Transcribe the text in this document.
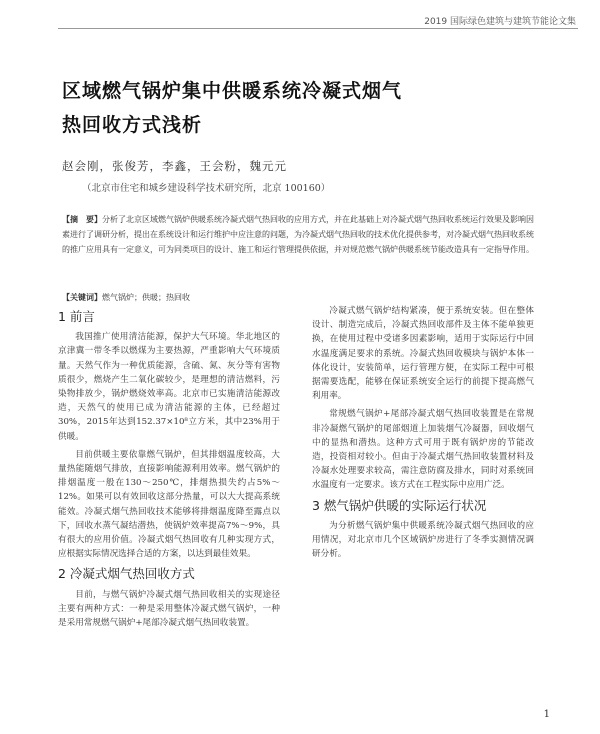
2019 国际绿色建筑与建筑节能论文集
区域燃气锅炉集中供暖系统冷凝式烟气
热回收方式浅析
赵会刚，张俊芳，李鑫，王会粉，魏元元
（北京市住宅和城乡建设科学技术研究所，北京 100160）
【摘　要】分析了北京区域燃气锅炉供暖系统冷凝式烟气热回收的应用方式，并在此基础上对冷凝式烟气热回收系统运行效果及影响因素进行了调研分析，提出在系统设计和运行维护中应注意的问题，为冷凝式烟气热回收的技术优化提供参考，对冷凝式烟气热回收系统的推广应用具有一定意义，可为同类项目的设计、施工和运行管理提供依据，并对规范燃气锅炉供暖系统节能改造具有一定指导作用。
【关键词】燃气锅炉；供暖；热回收
1 前言

我国推广使用清洁能源，保护大气环境。华北地区的京津冀一带冬季以燃煤为主要热源，严重影响大气环境质量。天然气作为一种优质能源，含硫、氮、灰分等有害物质很少，燃烧产生二氧化碳较少，是理想的清洁燃料，污染物排放少，锅炉燃烧效率高。北京市已实施清洁能源改造，天然气的使用已成为清洁能源的主体，已经超过30%，2015年达到152.37×10⁸立方米，其中23%用于供暖。

目前供暖主要依靠燃气锅炉，但其排烟温度较高，大量热能随烟气排放，直接影响能源利用效率。燃气锅炉的排烟温度一般在130～250℃，排烟热损失约占5%～12%。如果可以有效回收这部分热量，可以大大提高系统能效。冷凝式烟气热回收技术能够将排烟温度降至露点以下，回收水蒸气凝结潜热，使锅炉效率提高7%～9%，具有很大的应用价值。冷凝式烟气热回收有几种实现方式，应根据实际情况选择合适的方案，以达到最佳效果。

2 冷凝式烟气热回收方式

目前，与燃气锅炉冷凝式烟气热回收相关的实现途径主要有两种方式：一种是采用整体冷凝式燃气锅炉，一种是采用常规燃气锅炉+尾部冷凝式烟气热回收装置。

冷凝式燃气锅炉结构紧凑，便于系统安装。但在整体设计、制造完成后，冷凝式热回收部件及主体不能单独更换，在使用过程中受诸多因素影响，适用于实际运行中回水温度满足要求的系统。冷凝式热回收模块与锅炉本体一体化设计，安装简单，运行管理方便，在实际工程中可根据需要选配，能够在保证系统安全运行的前提下提高燃气利用率。

常规燃气锅炉+尾部冷凝式烟气热回收装置是在常规非冷凝燃气锅炉的尾部烟道上加装烟气冷凝器，回收烟气中的显热和潜热。这种方式可用于既有锅炉房的节能改造，投资相对较小。但由于冷凝式烟气热回收装置材料及冷凝水处理要求较高，需注意防腐及排水，同时对系统回水温度有一定要求。该方式在工程实际中应用广泛。

3 燃气锅炉供暖的实际运行状况

为分析燃气锅炉集中供暖系统冷凝式烟气热回收的应用情况，对北京市几个区域锅炉房进行了冬季实测情况调研分析。

1
